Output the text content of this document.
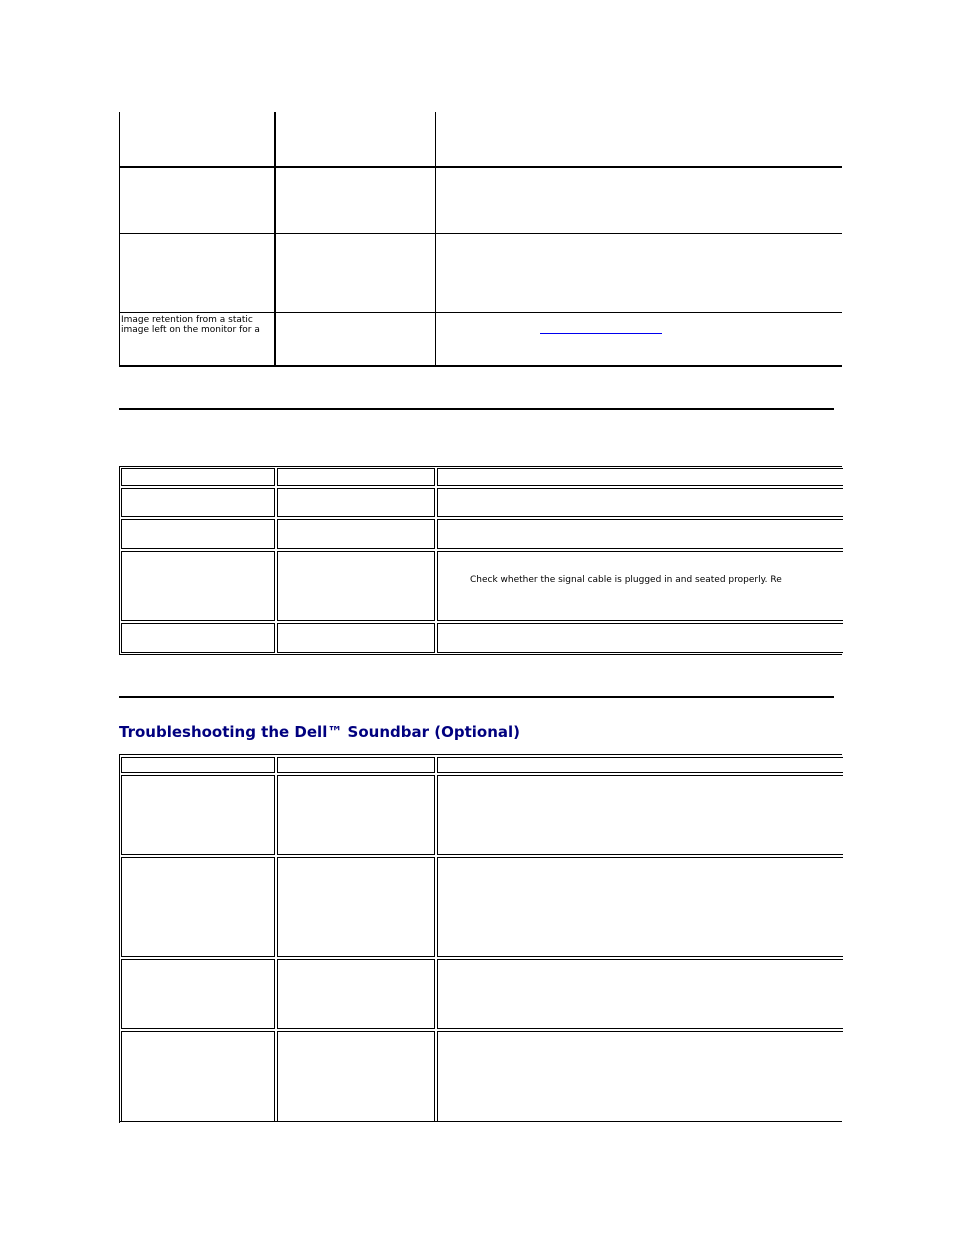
Image retention from a static image left on the monitor for a
Check whether the signal cable is plugged in and seated properly. Re
Troubleshooting the Dell™ Soundbar (Optional)
